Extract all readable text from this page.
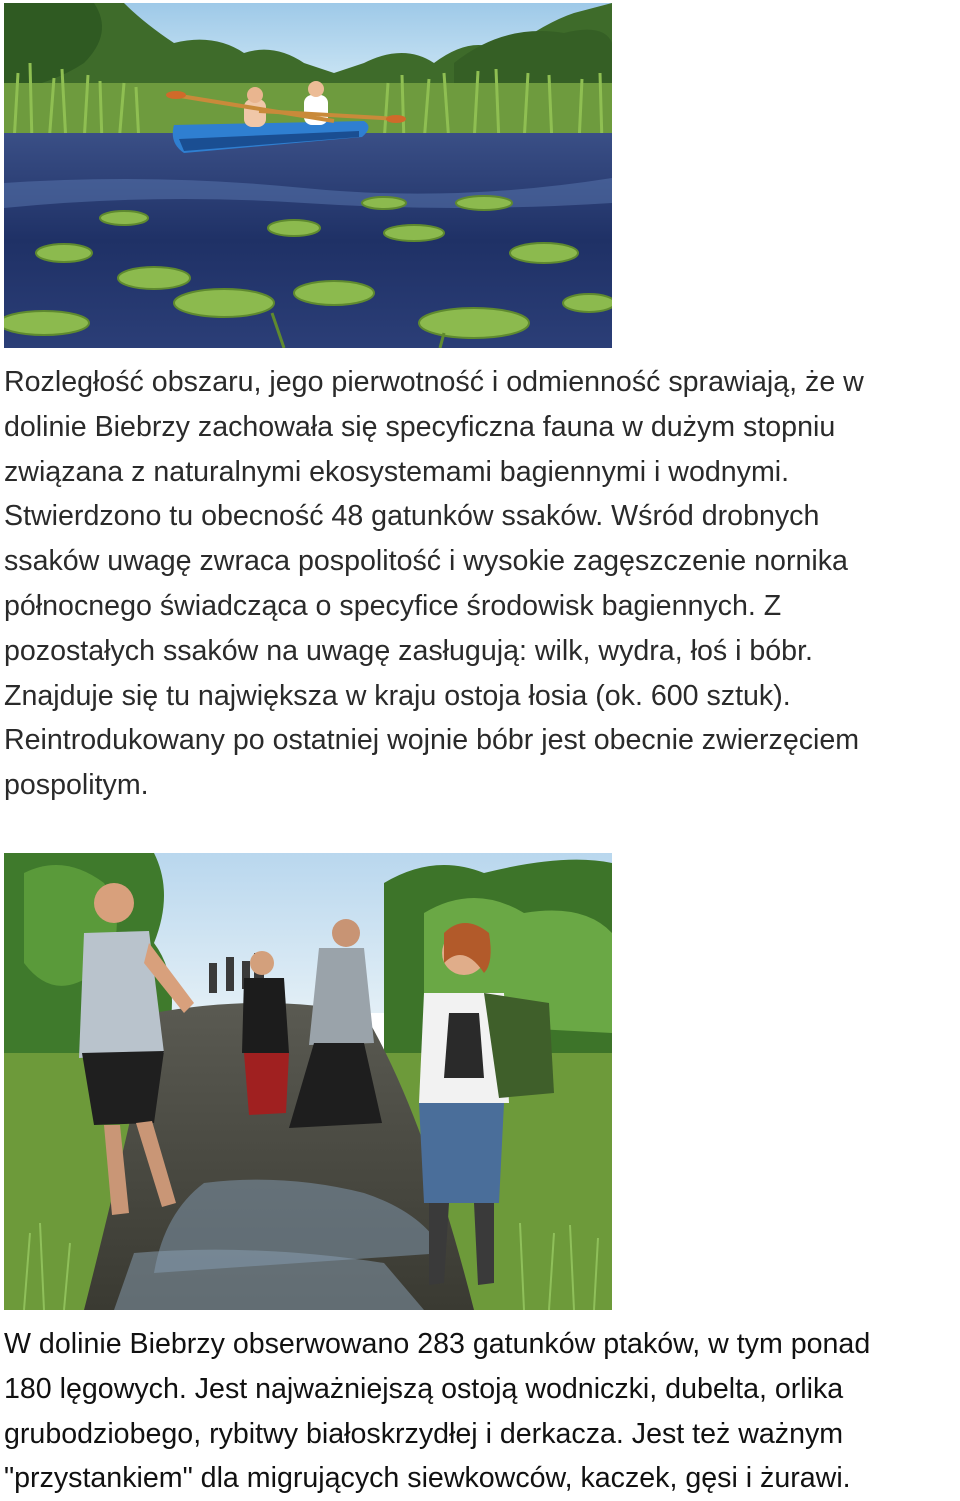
Rozległość obszaru, jego pierwotność i odmienność sprawiają, że w
dolinie Biebrzy zachowała się specyficzna fauna w dużym stopniu
związana z naturalnymi ekosystemami bagiennymi i wodnymi.
Stwierdzono tu obecność 48 gatunków ssaków. Wśród drobnych
ssaków uwagę zwraca pospolitość i wysokie zagęszczenie nornika
północnego świadcząca o specyfice środowisk bagiennych. Z
pozostałych ssaków na uwagę zasługują: wilk, wydra, łoś i bóbr.
Znajduje się tu największa w kraju ostoja łosia (ok. 600 sztuk).
Reintrodukowany po ostatniej wojnie bóbr jest obecnie zwierzęciem
pospolitym.
W dolinie Biebrzy obserwowano 283 gatunków ptaków, w tym ponad
180 lęgowych. Jest najważniejszą ostoją wodniczki, dubelta, orlika
grubodziobego, rybitwy białoskrzydłej i derkacza. Jest też ważnym
"przystankiem" dla migrujących siewkowców, kaczek, gęsi i żurawi.
